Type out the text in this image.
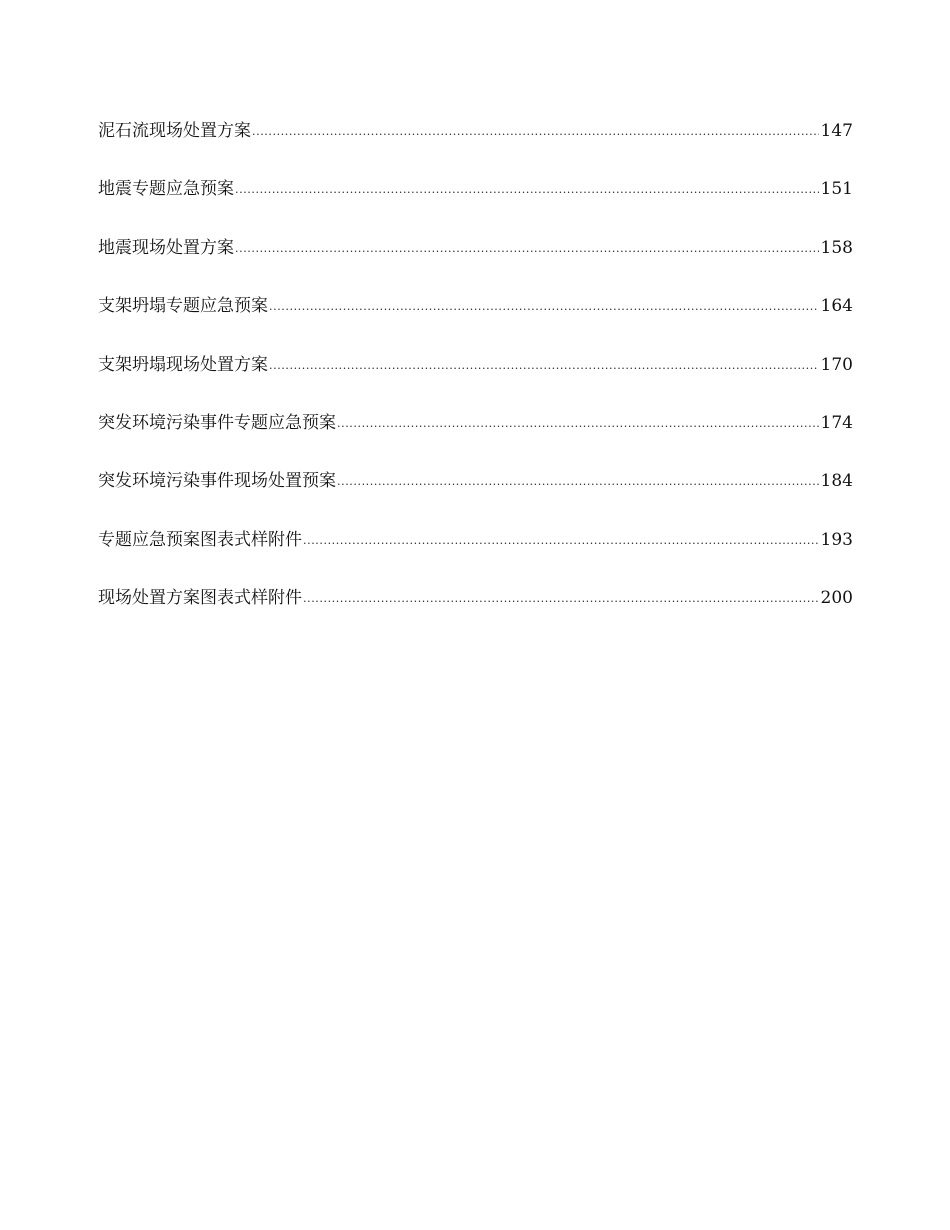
泥石流现场处置方案 .....	147
地震专题应急预案 .....	151
地震现场处置方案 .....	158
支架坍塌专题应急预案 .....	164
支架坍塌现场处置方案 .....	170
突发环境污染事件专题应急预案 .....	174
突发环境污染事件现场处置预案 .....	184
专题应急预案图表式样附件 .....	193
现场处置方案图表式样附件 .....	200
